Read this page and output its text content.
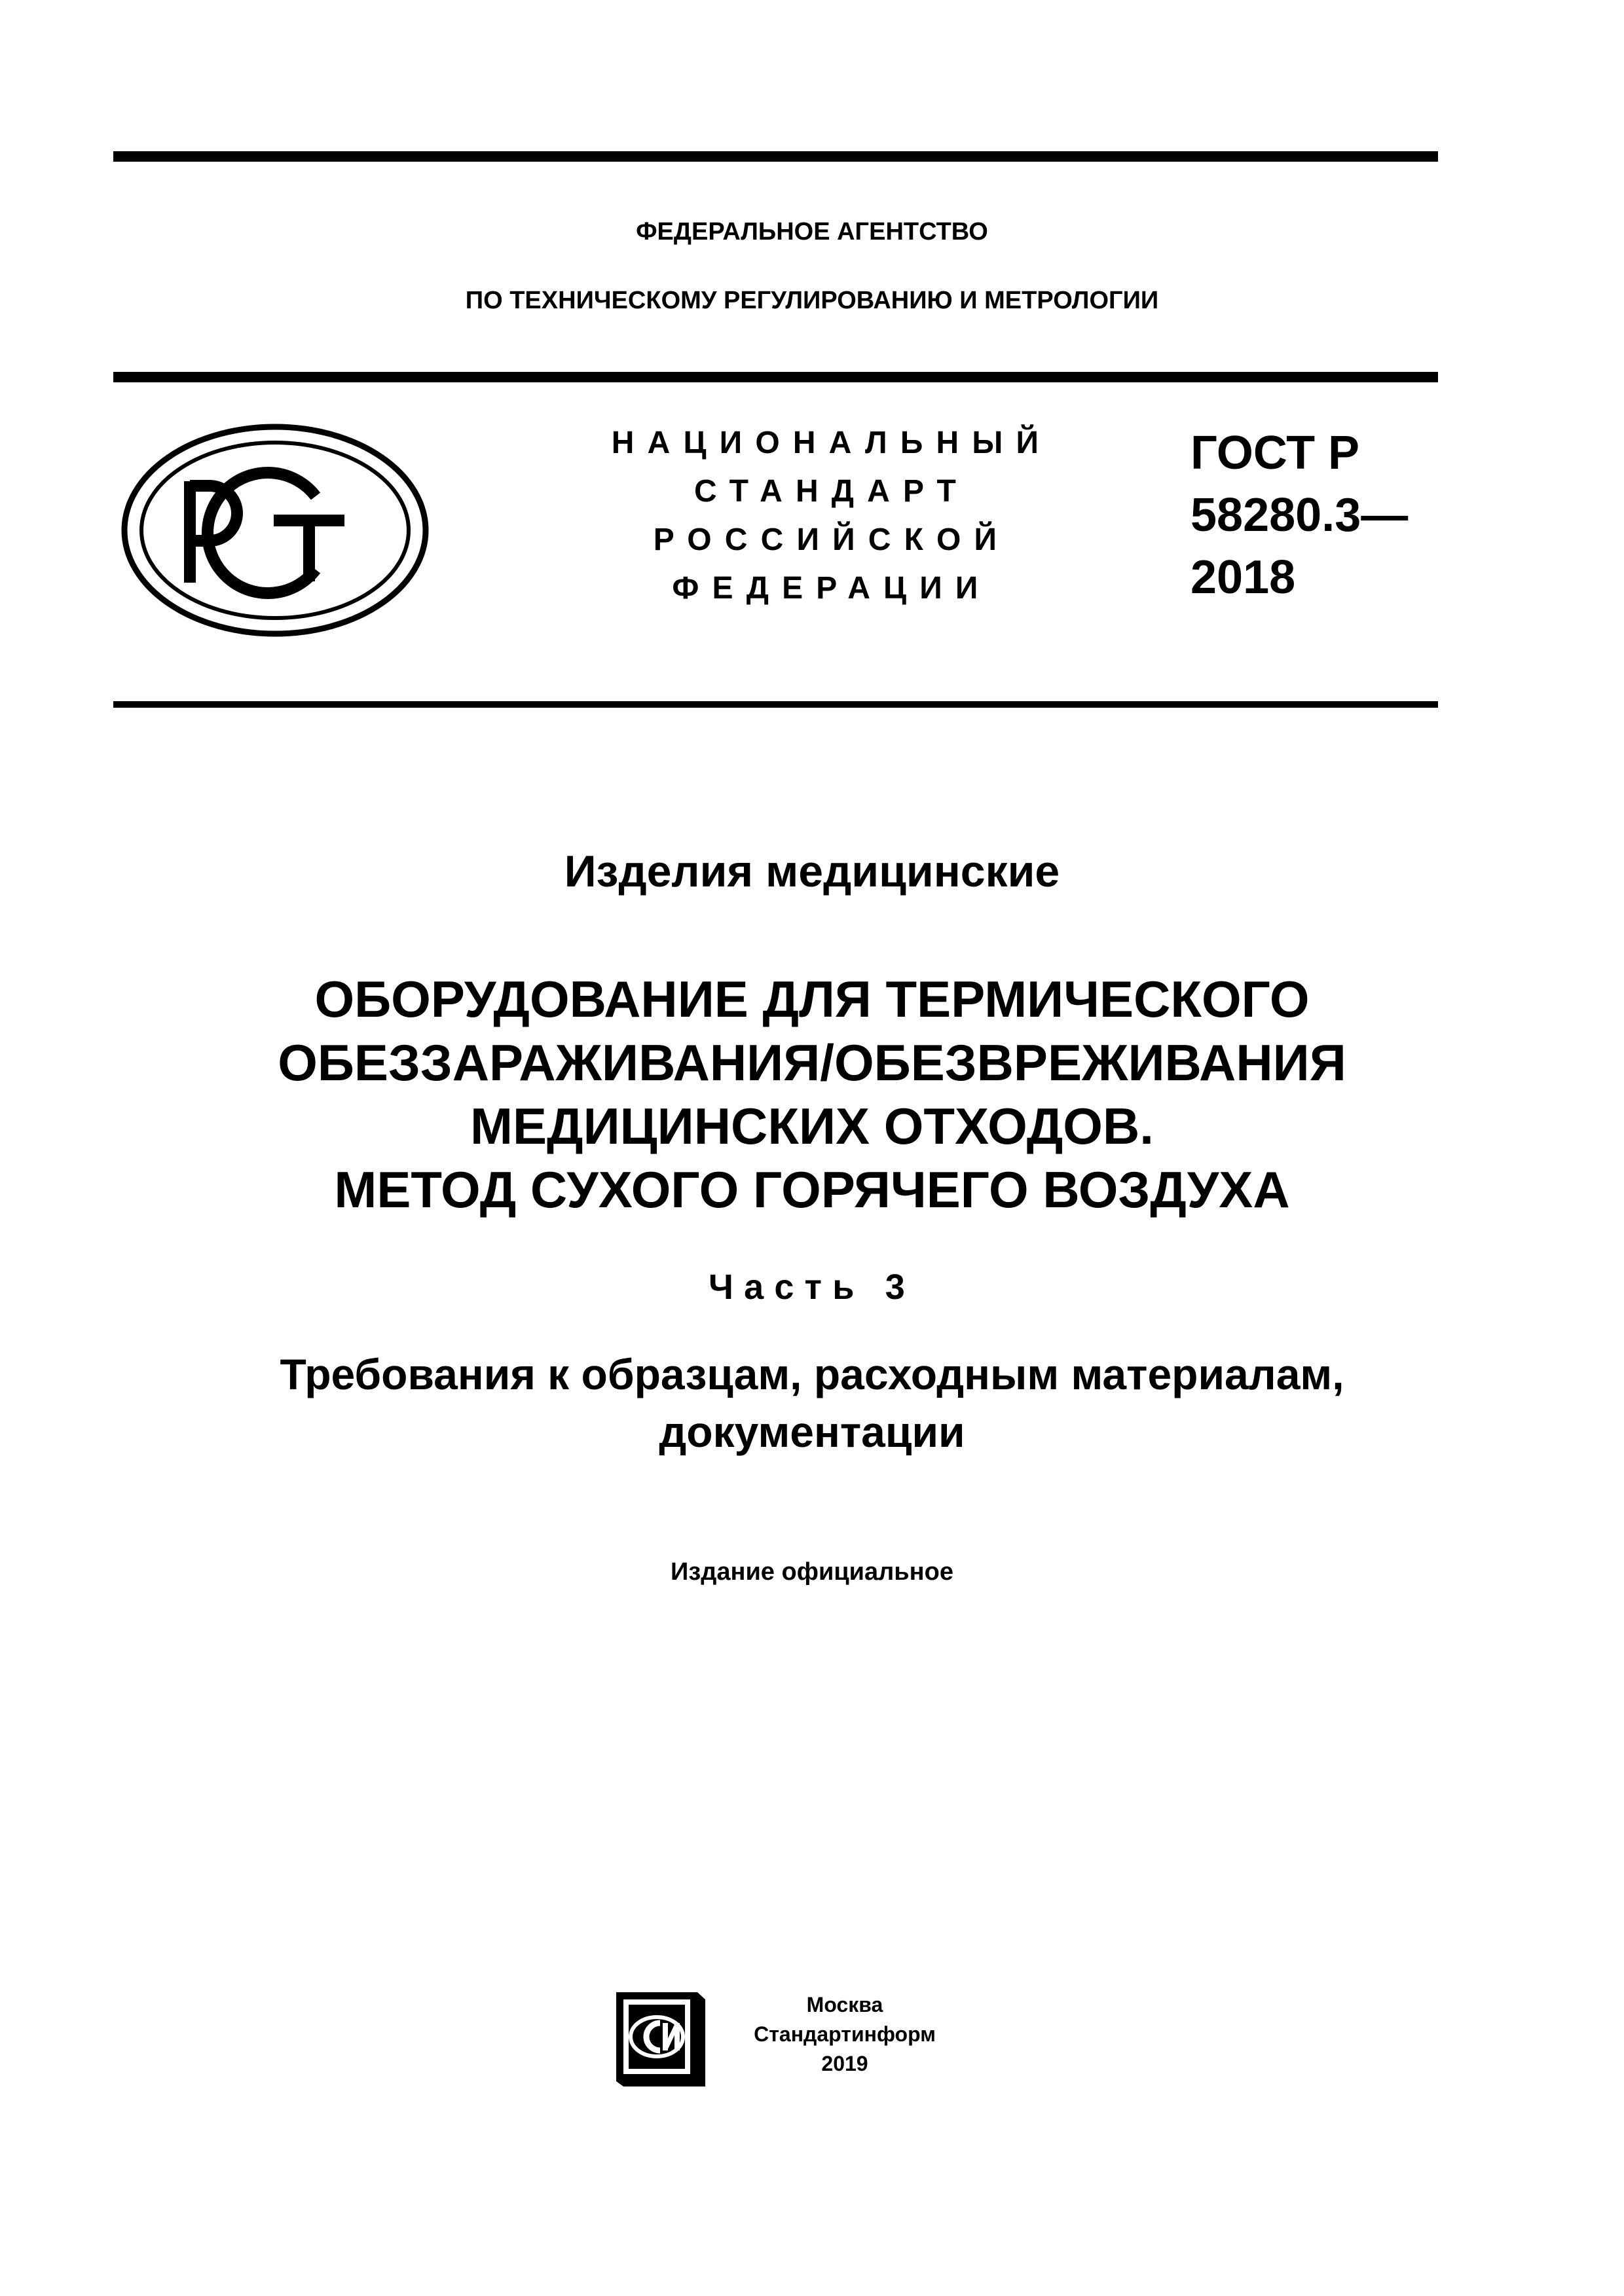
ФЕДЕРАЛЬНОЕ АГЕНТСТВО
ПО ТЕХНИЧЕСКОМУ РЕГУЛИРОВАНИЮ И МЕТРОЛОГИИ
РСТ
НАЦИОНАЛЬНЫЙ
СТАНДАРТ
РОССИЙСКОЙ
ФЕДЕРАЦИИ
ГОСТ Р
58280.3—
2018
Изделия медицинские
ОБОРУДОВАНИЕ ДЛЯ ТЕРМИЧЕСКОГО
ОБЕЗЗАРАЖИВАНИЯ/ОБЕЗВРЕЖИВАНИЯ
МЕДИЦИНСКИХ ОТХОДОВ.
МЕТОД СУХОГО ГОРЯЧЕГО ВОЗДУХА
Часть 3
Требования к образцам, расходным материалам,
документации
Издание официальное
СИ
Москва
Стандартинформ
2019
